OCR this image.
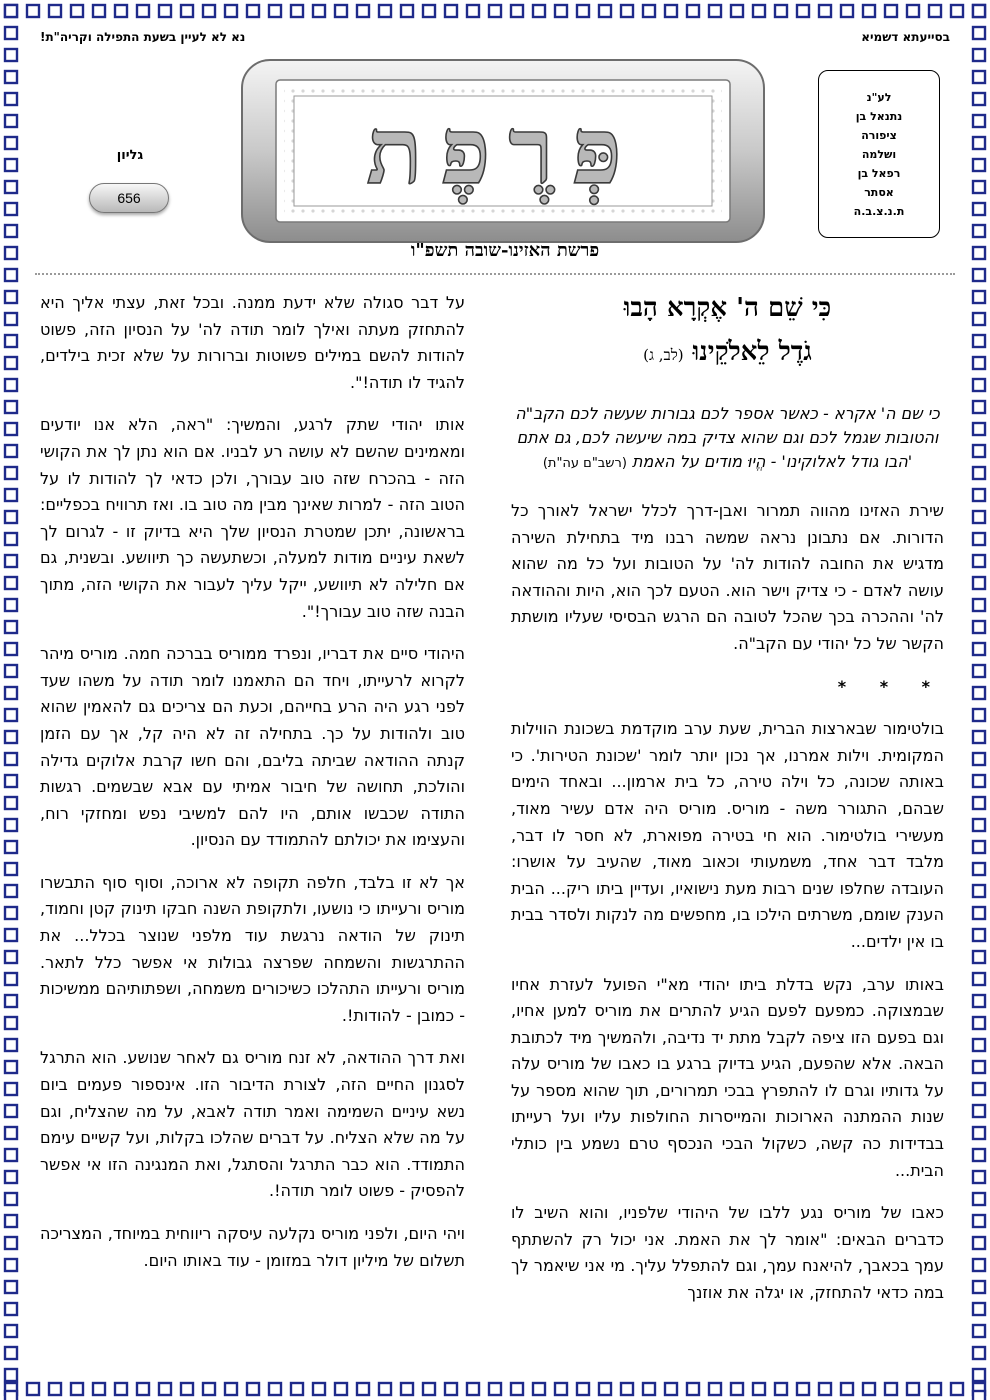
בסייעתא דשמיא
נא לא לעיין בשעת התפילה וקריה"ת!
לע"נ
נתנאל בן
ציפורה
ושלמה
רפאל בן
אסתר
ת.נ.צ.ב.ה
גליון
656	פְּרֶפֶת
פרשת האזינו-שובה תשפ"ו
כִּי שֵׁם ה' אֶקְרָא הָבוּ
גֹדֶל לֵאלֹקֵינוּ (לב, ג)
כי שם ה' אקרא - כאשר אספר לכם גבורות שעשה לכם הקב"ה והטובות שגמל לכם וגם שהוא צדיק במה שיעשה לכם, גם אתם 'הבו גודל לאלוקינו' - הֱיוּ מודים על האמת (רשב"ם עה"ת)

שירת האזינו מהווה תמרור ואבן-דרך לכלל ישראל לאורך כל הדורות. אם נתבונן נראה שמשה רבנו מיד בתחילת השירה מדגיש את החובה להודות לה' על הטובות ועל כל מה שהוא עושה לאדם - כי צדיק וישר הוא. הטעם לכך הוא, היות וההודאה לה' וההכרה בכך שהכל לטובה הם הרגש הבסיסי שעליו מושתת הקשר של כל יהודי עם הקב"ה.

* * *

בולטימור שבארצות הברית, שעת ערב מוקדמת בשכונת הווילות המקומית. וילות אמרנו, אך נכון יותר לומר 'שכונת הטירות'. כי באותה שכונה, כל וילה טירה, כל בית ארמון... ובאחד הימים שבהם, התגורר משה - מוריס. מוריס היה אדם עשיר מאוד, מעשירי בולטימור. הוא חי בטירה מפוארת, לא חסר לו דבר, מלבד דבר אחד, משמעותי וכאוב מאוד, שהעיב על אושרו: העובדה שחלפו שנים רבות מעת נישואיו, ועדיין ביתו ריק... הבית הענק שומם, משרתים הילכו בו, מחפשים מה לנקות ולסדר בבית בו אין ילדים...

באותו ערב, נקש בדלת ביתו יהודי מא"י הפועל לעזרת אחיו שבמצוקה. כמפעם לפעם הגיע להתרים את מוריס למען אחיו, וגם בפעם הזו ציפה לקבל מתת יד נדיבה, ולהמשיך מיד לכתובת הבאה. אלא שהפעם, הגיע בדיוק ברגע בו כאבו של מוריס עלה על גדותיו וגרם לו להתפרץ בבכי תמרורים, תוך שהוא מספר על שנות ההמתנה הארוכות והמייסרות החולפות עליו ועל רעייתו בבדידות כה קשה, כשקול הבכי הנכסף טרם נשמע בין כותלי הבית...

כאבו של מוריס נגע ללבו של היהודי שלפניו, והוא השיב לו כדברים הבאים: "אומר לך את האמת. אני יכול רק להשתתף עמך בכאבך, להיאנח עמך, וגם להתפלל עליך. מי אני שיאמר לך במה כדאי להתחזק, או יגלה את אוזנך

על דבר סגולה שלא ידעת ממנה. ובכל זאת, עצתי אליך היא להתחזק מעתה ואילך לומר תודה לה' על הנסיון הזה, פשוט להודות להשם במילים פשוטות וברורות על שלא זכית בילדים, להגיד לו תודה!".

אותו יהודי שתק לרגע, והמשיך: "ראה, הלא אנו יודעים ומאמינים שהשם לא עושה רע לבניו. אם הוא נתן לך את הקושי הזה - בהכרח שזה טוב עבורך, ולכן כדאי לך להודות לו על הטוב הזה - למרות שאינך מבין מה טוב בו. ואז תרוויח בכפליים: בראשונה, יתכן שמטרת הנסיון שלך היא בדיוק זו - לגרום לך לשאת עיניים מודות למעלה, וכשתעשה כך תיוושע. ובשנית, גם אם חלילה לא תיוושע, ייקל עליך לעבור את הקושי הזה, מתוך הבנה שזה טוב עבורך!".

היהודי סיים את דבריו, ונפרד ממוריס בברכה חמה. מוריס מיהר לקרוא לרעייתו, ויחד הם התאמנו לומר תודה על משהו שעד לפני רגע היה הרע בחייהם, וכעת הם צריכים גם להאמין שהוא טוב ולהודות על כך. בתחילה זה לא היה קל, אך עם הזמן קנתה ההודאה שביתה בליבם, והם חשו קרבת אלוקים גדילה והולכת, תחושה של חיבור אמיתי עם אבא שבשמים. רגשות התודה שכבשו אותם, היו להם למשיבי נפש ומחזקי רוח, והעצימו את יכולתם להתמודד עם הנסיון.

אך לא זו בלבד, חלפה תקופה לא ארוכה, וסוף סוף התבשרו מוריס ורעייתו כי נושעו, ולתקופת השנה חבקו תינוק קטן וחמוד, תינוק של הודאה נרגשת עוד מלפני שנוצר בכלל... את ההתרגשות והשמחה שפרצה גבולות אי אפשר כלל לתאר. מוריס ורעייתו התהלכו כשיכורים משמחה, ושפתותיהם ממשיכות - כמובן - להודות!.

ואת דרך ההודאה, לא זנח מוריס גם לאחר שנושע. הוא התרגל לסגנון החיים הזה, לצורת הדיבור הזו. אינספור פעמים ביום נשא עיניים השמימה ואמר תודה לאבא, על מה שהצליח, וגם על מה שלא הצליח. על דברים שהלכו בקלות, ועל קשיים עימם התמודד. הוא כבר התרגל והסתגל, ואת המנגינה הזו אי אפשר להפסיק - פשוט לומר תודה!.

ויהי היום, ולפני מוריס נקלעה עיסקה ריווחית במיוחד, המצריכה תשלום של מיליון דולר במזומן - עוד באותו היום.
